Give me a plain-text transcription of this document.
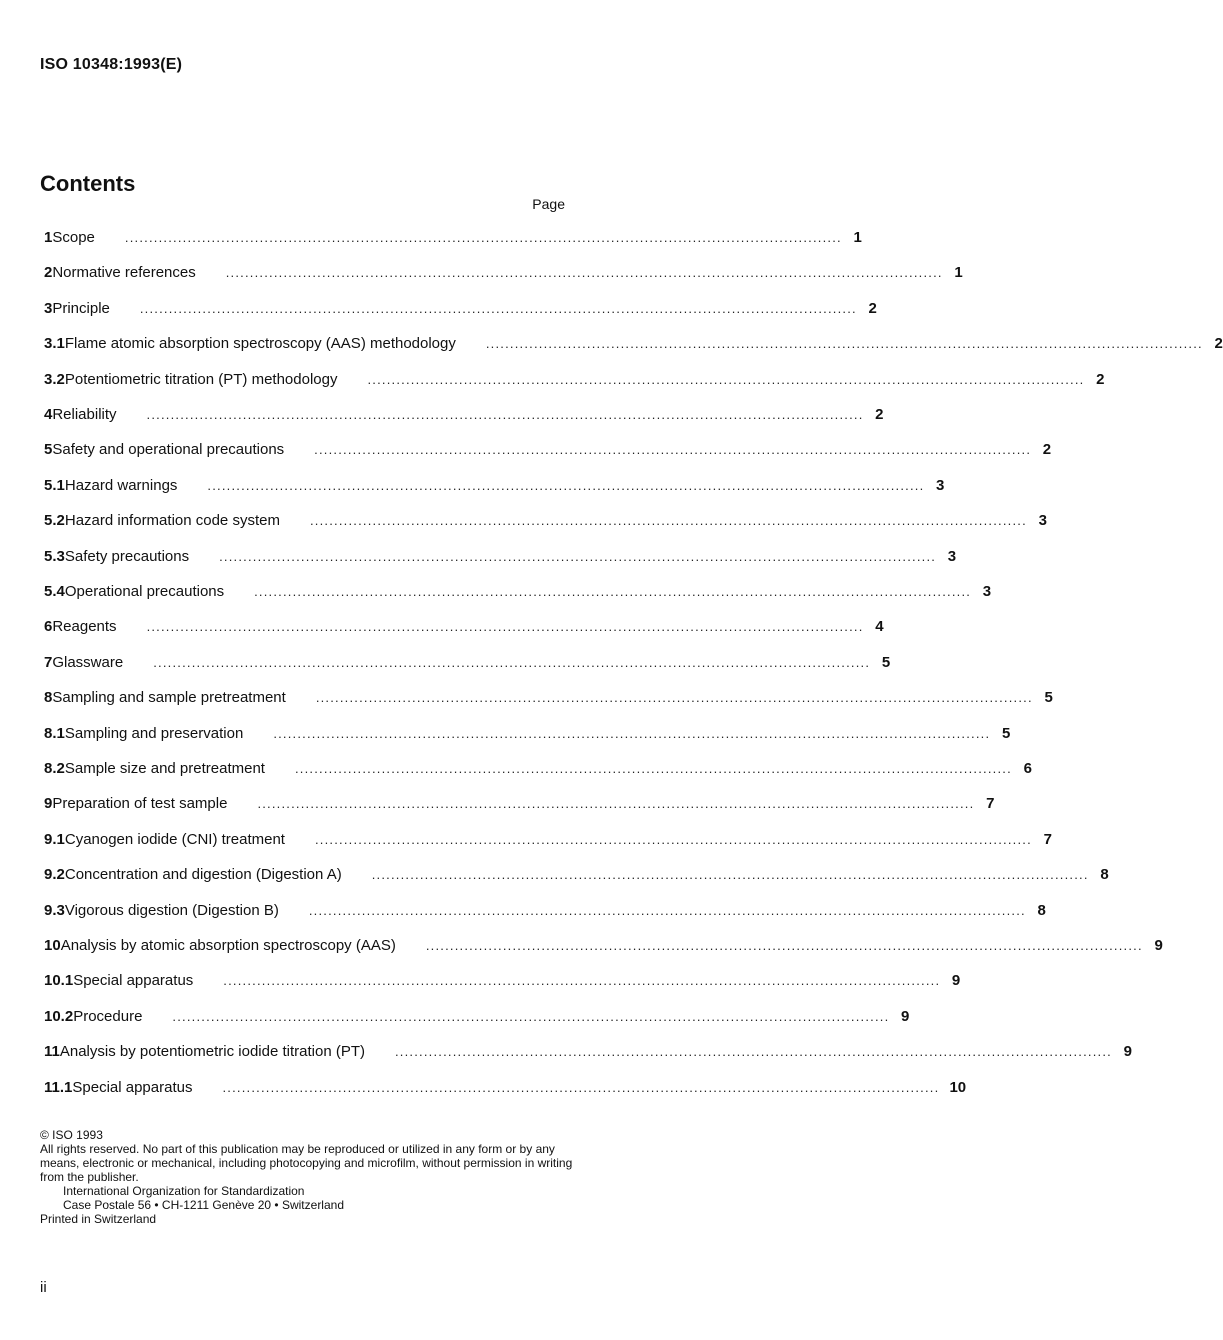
ISO 10348:1993(E)
Contents
Page
1 Scope ..................................................................................................................................................... 1
2 Normative references ..................................................................................................................................................... 1
3 Principle ..................................................................................................................................................... 2
3.1 Flame atomic absorption spectroscopy (AAS) methodology ..................................................................................................................................................... 2
3.2 Potentiometric titration (PT) methodology ..................................................................................................................................................... 2
4 Reliability ..................................................................................................................................................... 2
5 Safety and operational precautions ..................................................................................................................................................... 2
5.1 Hazard warnings ..................................................................................................................................................... 3
5.2 Hazard information code system ..................................................................................................................................................... 3
5.3 Safety precautions ..................................................................................................................................................... 3
5.4 Operational precautions ..................................................................................................................................................... 3
6 Reagents ..................................................................................................................................................... 4
7 Glassware ..................................................................................................................................................... 5
8 Sampling and sample pretreatment ..................................................................................................................................................... 5
8.1 Sampling and preservation ..................................................................................................................................................... 5
8.2 Sample size and pretreatment ..................................................................................................................................................... 6
9 Preparation of test sample ..................................................................................................................................................... 7
9.1 Cyanogen iodide (CNI) treatment ..................................................................................................................................................... 7
9.2 Concentration and digestion (Digestion A) ..................................................................................................................................................... 8
9.3 Vigorous digestion (Digestion B) ..................................................................................................................................................... 8
10 Analysis by atomic absorption spectroscopy (AAS) ..................................................................................................................................................... 9
10.1 Special apparatus ..................................................................................................................................................... 9
10.2 Procedure ..................................................................................................................................................... 9
11 Analysis by potentiometric iodide titration (PT) ..................................................................................................................................................... 9
11.1 Special apparatus ..................................................................................................................................................... 10

© ISO 1993

All rights reserved. No part of this publication may be reproduced or utilized in any form or by any means, electronic or mechanical, including photocopying and microfilm, without permission in writing from the publisher.

International Organization for Standardization

Case Postale 56 • CH-1211 Genève 20 • Switzerland

Printed in Switzerland

ii
